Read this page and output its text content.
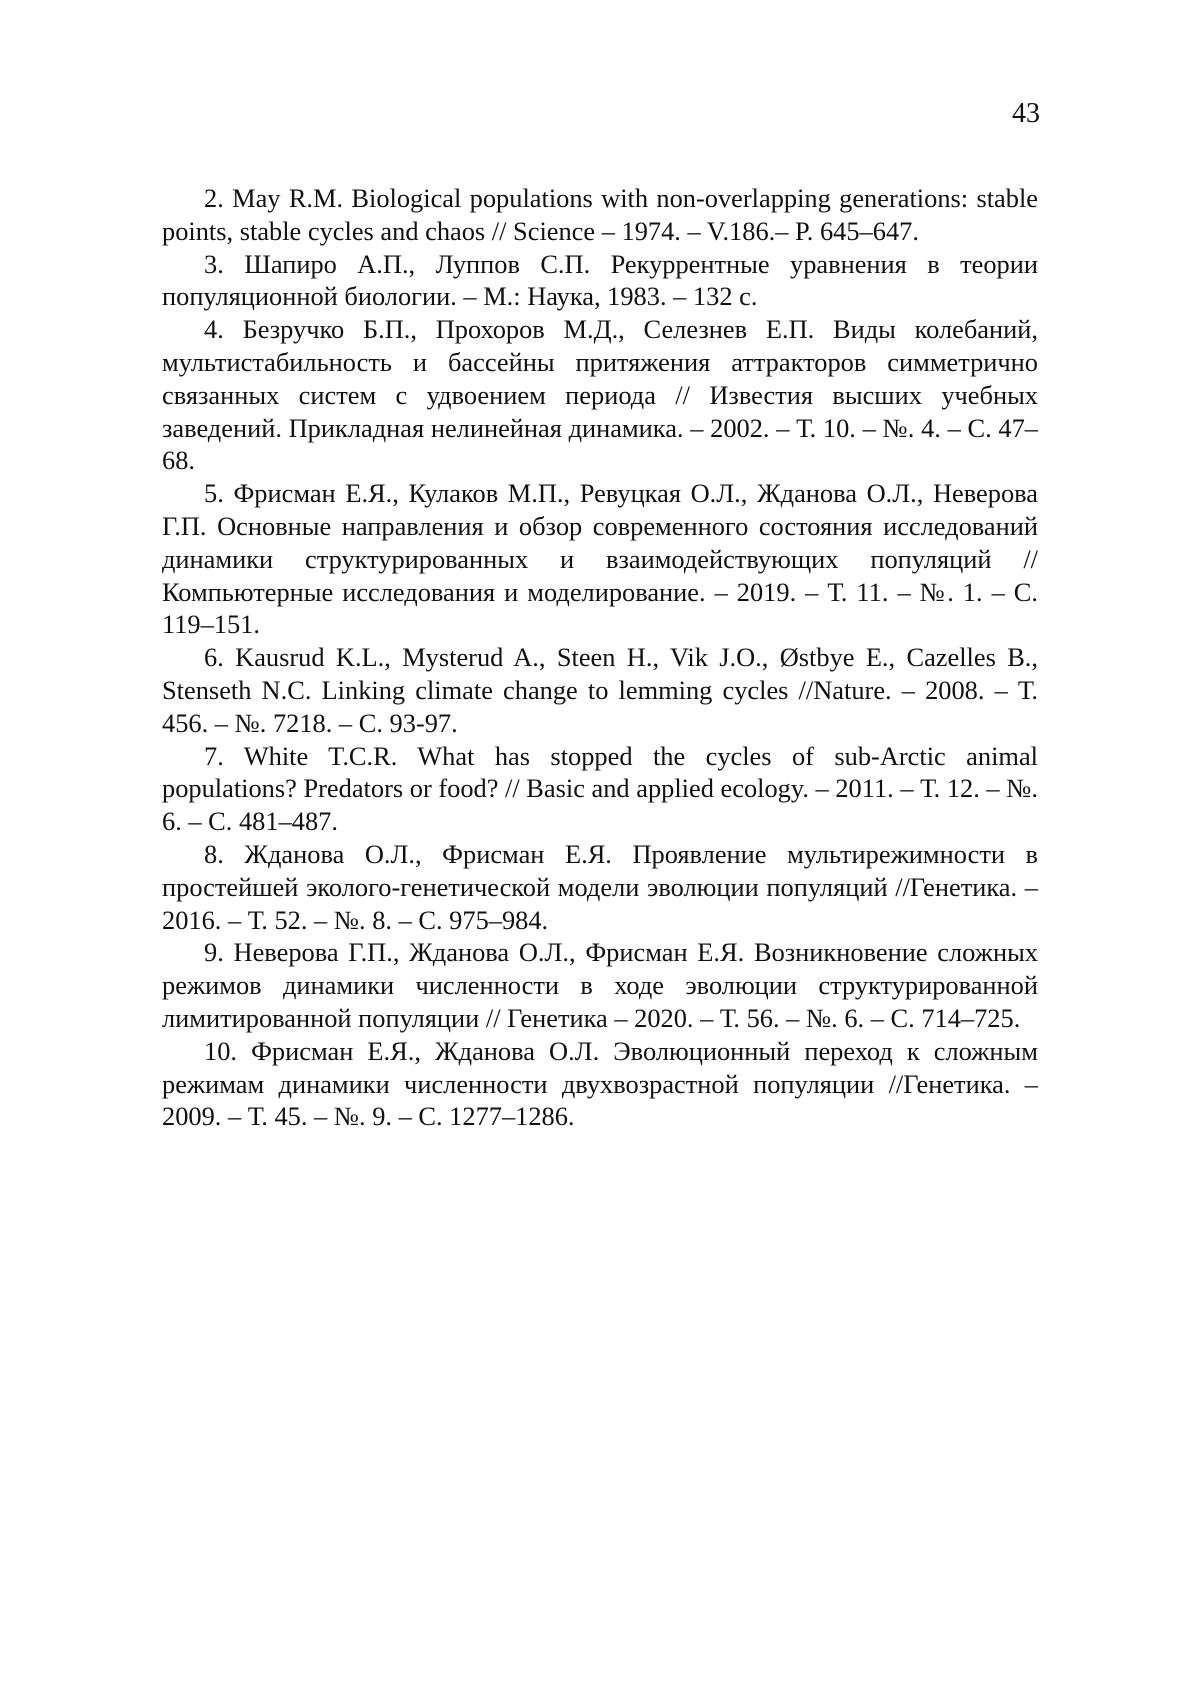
43

2. May R.M. Biological populations with non-overlapping generations: stable points, stable cycles and chaos // Science – 1974. – V.186.– P. 645–647.

3. Шапиро А.П., Луппов С.П. Рекуррентные уравнения в теории популяционной биологии. – М.: Наука, 1983. – 132 с.

4. Безручко Б.П., Прохоров М.Д., Селезнев Е.П. Виды колебаний, мультистабильность и бассейны притяжения аттракторов симметрично связанных систем с удвоением периода // Известия высших учебных заведений. Прикладная нелинейная динамика. – 2002. – Т. 10. – №. 4. – С. 47–68.

5. Фрисман Е.Я., Кулаков М.П., Ревуцкая О.Л., Жданова О.Л., Неверова Г.П. Основные направления и обзор современного состояния исследований динамики структурированных и взаимодействующих популяций // Компьютерные исследования и моделирование. – 2019. – Т. 11. – №. 1. – С. 119–151.

6. Kausrud K.L., Mysterud A., Steen H., Vik J.O., Østbye E., Cazelles B., Stenseth N.C. Linking climate change to lemming cycles //Nature. – 2008. – Т. 456. – №. 7218. – С. 93-97.

7. White T.C.R. What has stopped the cycles of sub-Arctic animal populations? Predators or food? // Basic and applied ecology. – 2011. – Т. 12. – №. 6. – С. 481–487.

8. Жданова О.Л., Фрисман Е.Я. Проявление мультирежимности в простейшей эколого-генетической модели эволюции популяций //Генетика. – 2016. – Т. 52. – №. 8. – С. 975–984.

9. Неверова Г.П., Жданова О.Л., Фрисман Е.Я. Возникновение сложных режимов динамики численности в ходе эволюции структурированной лимитированной популяции // Генетика – 2020. – Т. 56. – №. 6. – С. 714–725.

10. Фрисман Е.Я., Жданова О.Л. Эволюционный переход к сложным режимам динамики численности двухвозрастной популяции //Генетика. – 2009. – Т. 45. – №. 9. – С. 1277–1286.
